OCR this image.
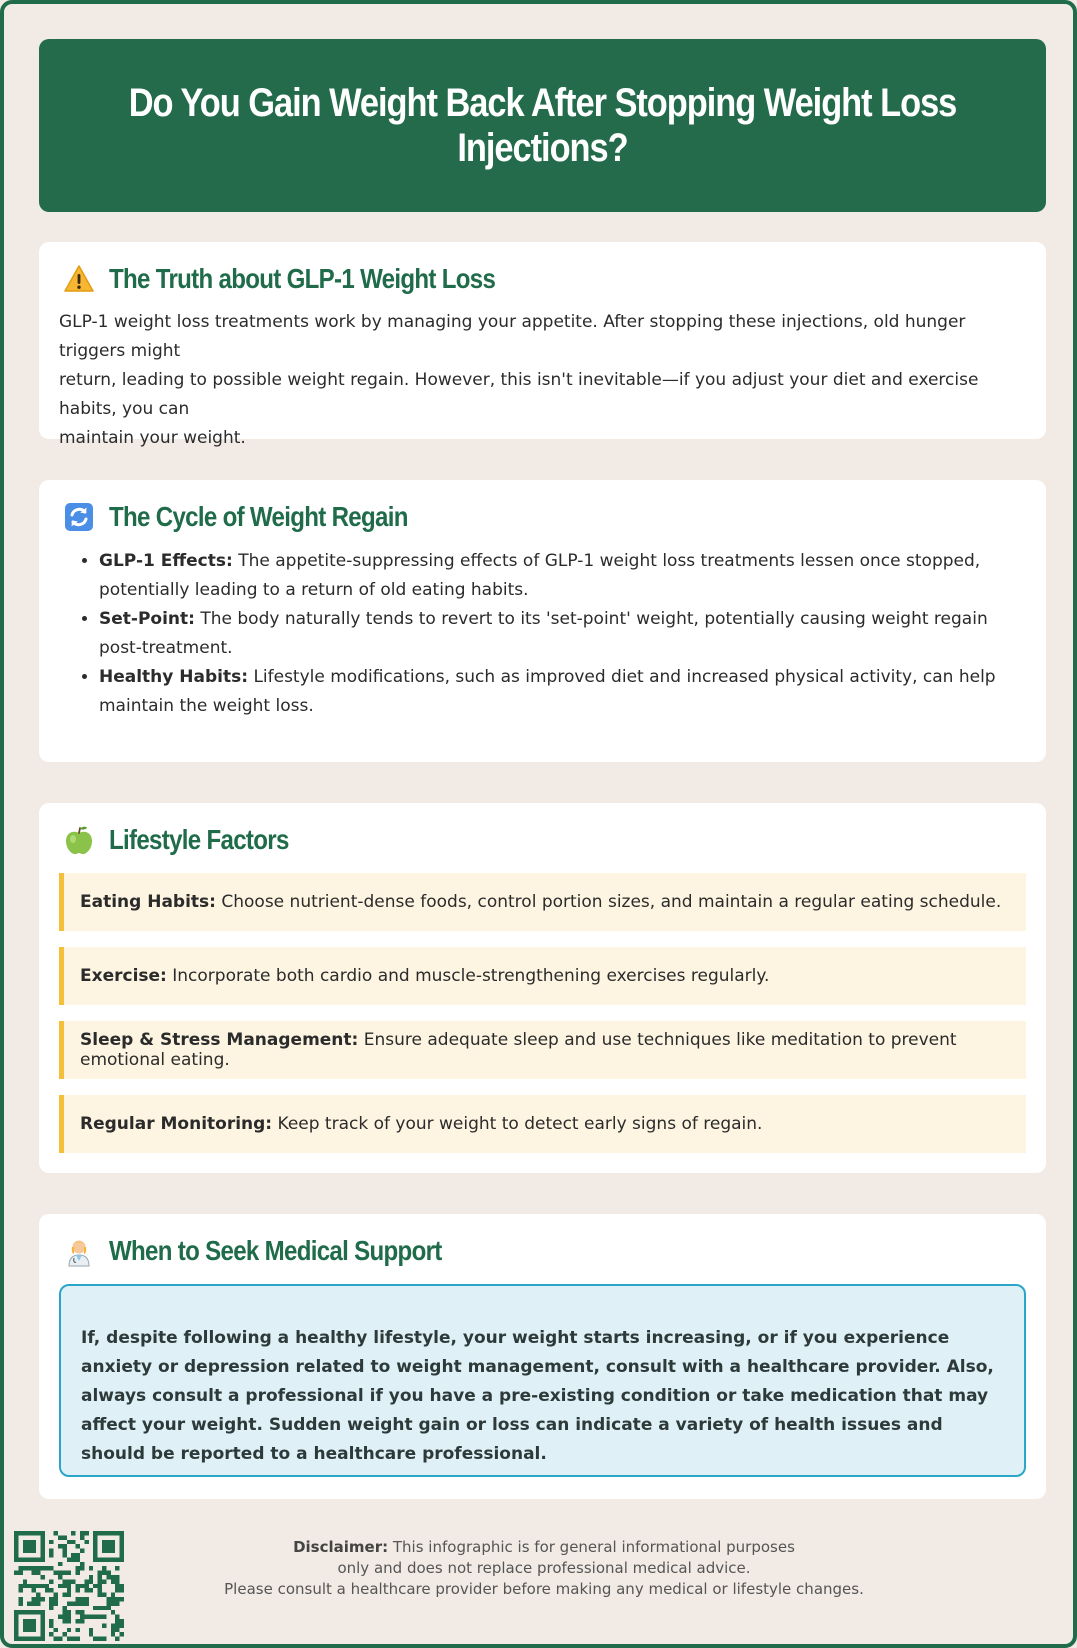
Do You Gain Weight Back After Stopping Weight Loss Injections?
The Truth about GLP-1 Weight Loss
GLP-1 weight loss treatments work by managing your appetite. After stopping these injections, old hunger triggers might
return, leading to possible weight regain. However, this isn't inevitable—if you adjust your diet and exercise habits, you can
maintain your weight.
The Cycle of Weight Regain
• GLP-1 Effects: The appetite-suppressing effects of GLP-1 weight loss treatments lessen once stopped, potentially leading to a return of old eating habits.
• Set-Point: The body naturally tends to revert to its 'set-point' weight, potentially causing weight regain post-treatment.
• Healthy Habits: Lifestyle modifications, such as improved diet and increased physical activity, can help maintain the weight loss.
Lifestyle Factors
Eating Habits: Choose nutrient-dense foods, control portion sizes, and maintain a regular eating schedule.
Exercise: Incorporate both cardio and muscle-strengthening exercises regularly.
Sleep & Stress Management: Ensure adequate sleep and use techniques like meditation to prevent emotional eating.
Regular Monitoring: Keep track of your weight to detect early signs of regain.
When to Seek Medical Support
If, despite following a healthy lifestyle, your weight starts increasing, or if you experience anxiety or depression related to weight management, consult with a healthcare provider. Also, always consult a professional if you have a pre-existing condition or take medication that may affect your weight. Sudden weight gain or loss can indicate a variety of health issues and should be reported to a healthcare professional.
Disclaimer: This infographic is for general informational purposes
only and does not replace professional medical advice.
Please consult a healthcare provider before making any medical or lifestyle changes.
